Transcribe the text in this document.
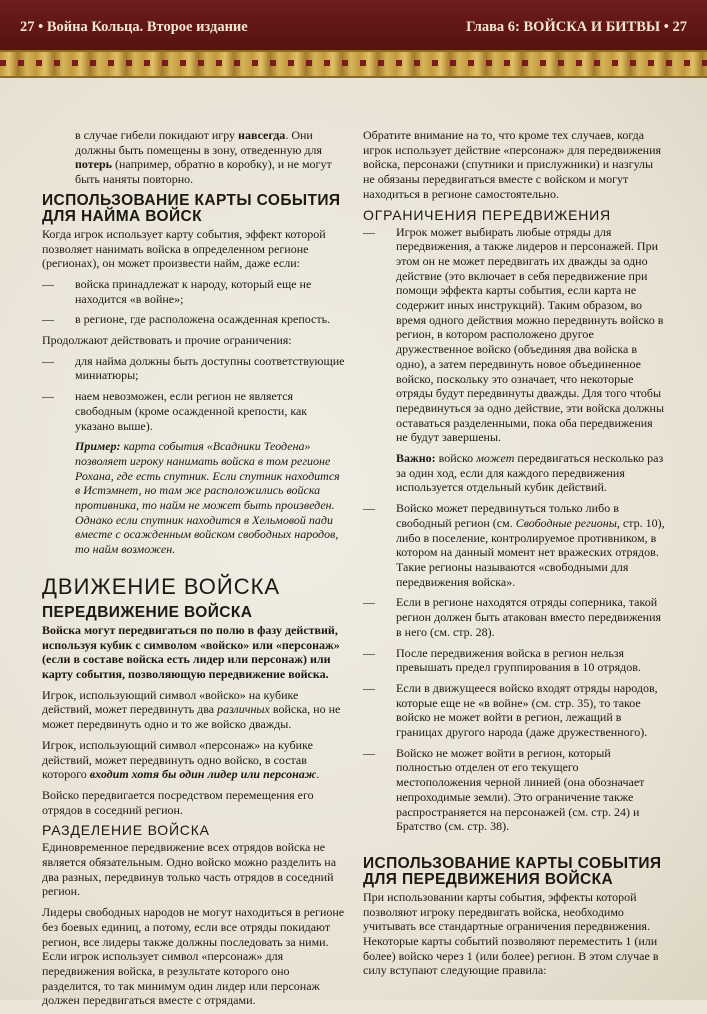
27 • Война Кольца. Второе издание	Глава 6: ВОЙСКА И БИТВЫ • 27

в случае гибели покидают игру навсегда. Они должны быть помещены в зону, отведенную для потерь (например, обратно в коробку), и не могут быть наняты повторно.

ИСПОЛЬЗОВАНИЕ КАРТЫ СОБЫТИЯ ДЛЯ НАЙМА ВОЙСК

Когда игрок использует карту события, эффект которой позволяет нанимать войска в определенном регионе (регионах), он может произвести найм, даже если:

— войска принадлежат к народу, который еще не находится «в войне»;
— в регионе, где расположена осажденная крепость.

Продолжают действовать и прочие ограничения:

— для найма должны быть доступны соответствующие миниатюры;
— наем невозможен, если регион не является свободным (кроме осажденной крепости, как указано выше).

Пример: карта события «Всадники Теодена» позволяет игроку нанимать войска в том регионе Рохана, где есть спутник. Если спутник находится в Истэмнет, но там же расположились войска противника, то найм не может быть произведен. Однако если спутник находится в Хельмовой пади вместе с осажденным войском свободных народов, то найм возможен.

ДВИЖЕНИЕ ВОЙСКА
ПЕРЕДВИЖЕНИЕ ВОЙСКА

Войска могут передвигаться по полю в фазу действий, используя кубик с символом «войско» или «персонаж» (если в составе войска есть лидер или персонаж) или карту события, позволяющую передвижение войска.

Игрок, использующий символ «войско» на кубике действий, может передвинуть два различных войска, но не может передвинуть одно и то же войско дважды.

Игрок, использующий символ «персонаж» на кубике действий, может передвинуть одно войско, в состав которого входит хотя бы один лидер или персонаж.

Войско передвигается посредством перемещения его отрядов в соседний регион.

РАЗДЕЛЕНИЕ ВОЙСКА

Единовременное передвижение всех отрядов войска не является обязательным. Одно войско можно разделить на два разных, передвинув только часть отрядов в соседний регион.

Лидеры свободных народов не могут находиться в регионе без боевых единиц, а потому, если все отряды покидают регион, все лидеры также должны последовать за ними. Если игрок использует символ «персонаж» для передвижения войска, в результате которого оно разделится, то так минимум один лидер или персонаж должен передвигаться вместе с отрядами.

Обратите внимание на то, что кроме тех случаев, когда игрок использует действие «персонаж» для передвижения войска, персонажи (спутники и прислужники) и назгулы не обязаны передвигаться вместе с войском и могут находиться в регионе самостоятельно.

ОГРАНИЧЕНИЯ ПЕРЕДВИЖЕНИЯ
— Игрок может выбирать любые отряды для передвижения, а также лидеров и персонажей. При этом он не может передвигать их дважды за одно действие (это включает в себя передвижение при помощи эффекта карты события, если карта не содержит иных инструкций). Таким образом, во время одного действия можно передвинуть войско в регион, в котором расположено другое дружественное войско (объединяя два войска в одно), а затем передвинуть новое объединенное войско, поскольку это означает, что некоторые отряды будут передвинуты дважды. Для того чтобы передвинуться за одно действие, эти войска должны оставаться разделенными, пока оба передвижения не будут завершены.

Важно: войско может передвигаться несколько раз за один ход, если для каждого передвижения используется отдельный кубик действий.

— Войско может передвинуться только либо в свободный регион (см. Свободные регионы, стр. 10), либо в поселение, контролируемое противником, в котором на данный момент нет вражеских отрядов. Такие регионы называются «свободными для передвижения войска».
— Если в регионе находятся отряды соперника, такой регион должен быть атакован вместо передвижения в него (см. стр. 28).
— После передвижения войска в регион нельзя превышать предел группирования в 10 отрядов.
— Если в движущееся войско входят отряды народов, которые еще не «в войне» (см. стр. 35), то такое войско не может войти в регион, лежащий в границах другого народа (даже дружественного).
— Войско не может войти в регион, который полностью отделен от его текущего местоположения черной линией (она обозначает непроходимые земли). Это ограничение также распространяется на персонажей (см. стр. 24) и Братство (см. стр. 38).
ИСПОЛЬЗОВАНИЕ КАРТЫ СОБЫТИЯ ДЛЯ ПЕРЕДВИЖЕНИЯ ВОЙСКА

При использовании карты события, эффекты которой позволяют игроку передвигать войска, необходимо учитывать все стандартные ограничения передвижения. Некоторые карты событий позволяют переместить 1 (или более) войско через 1 (или более) регион. В этом случае в силу вступают следующие правила:
